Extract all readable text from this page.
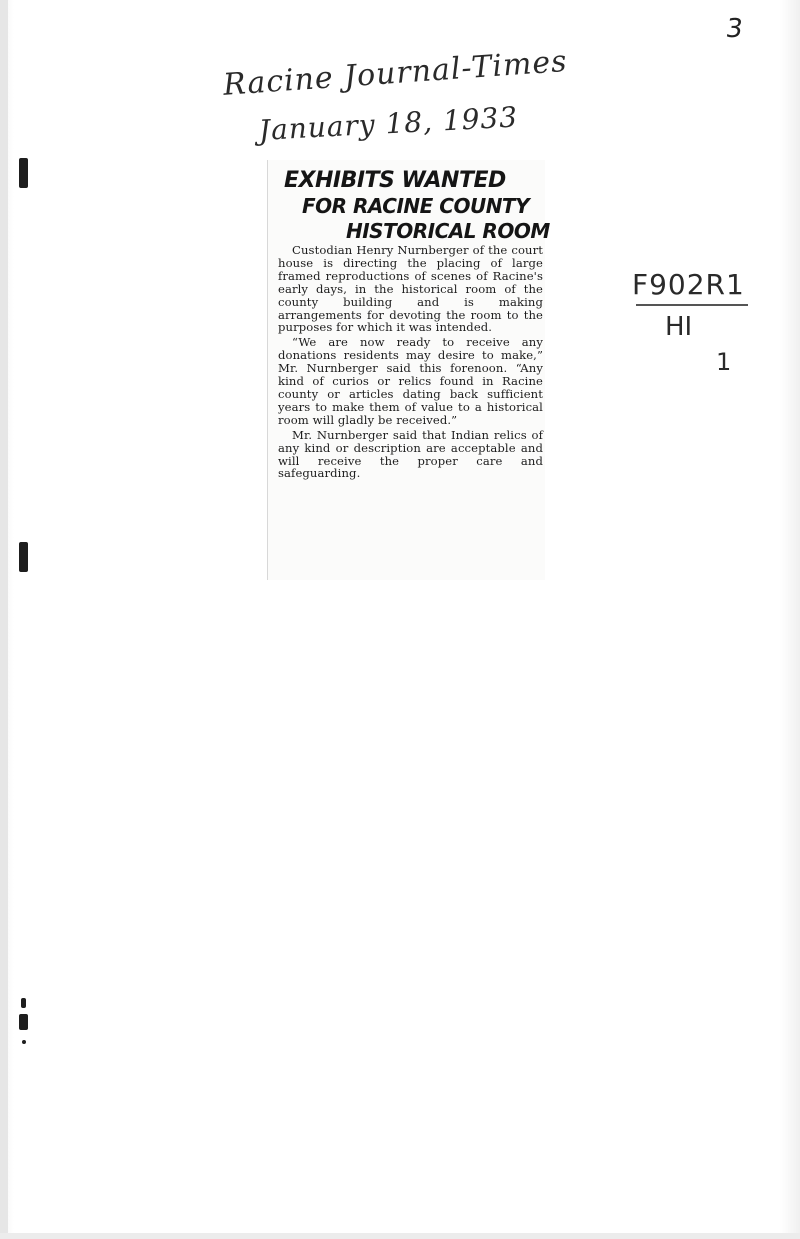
3
Racine Journal-Times
January 18, 1933
F902R1
HI
1
EXHIBITS WANTED
FOR RACINE COUNTY
HISTORICAL ROOM

Custodian Henry Nurnberger of the court house is directing the placing of large framed reproductions of scenes of Racine's early days, in the historical room of the county building and is making arrangements for devoting the room to the purposes for which it was intended.

“We are now ready to receive any donations residents may desire to make,” Mr. Nurnberger said this forenoon. “Any kind of curios or relics found in Racine county or articles dating back sufficient years to make them of value to a historical room will gladly be received.”

Mr. Nurnberger said that Indian relics of any kind or description are acceptable and will receive the proper care and safeguarding.
